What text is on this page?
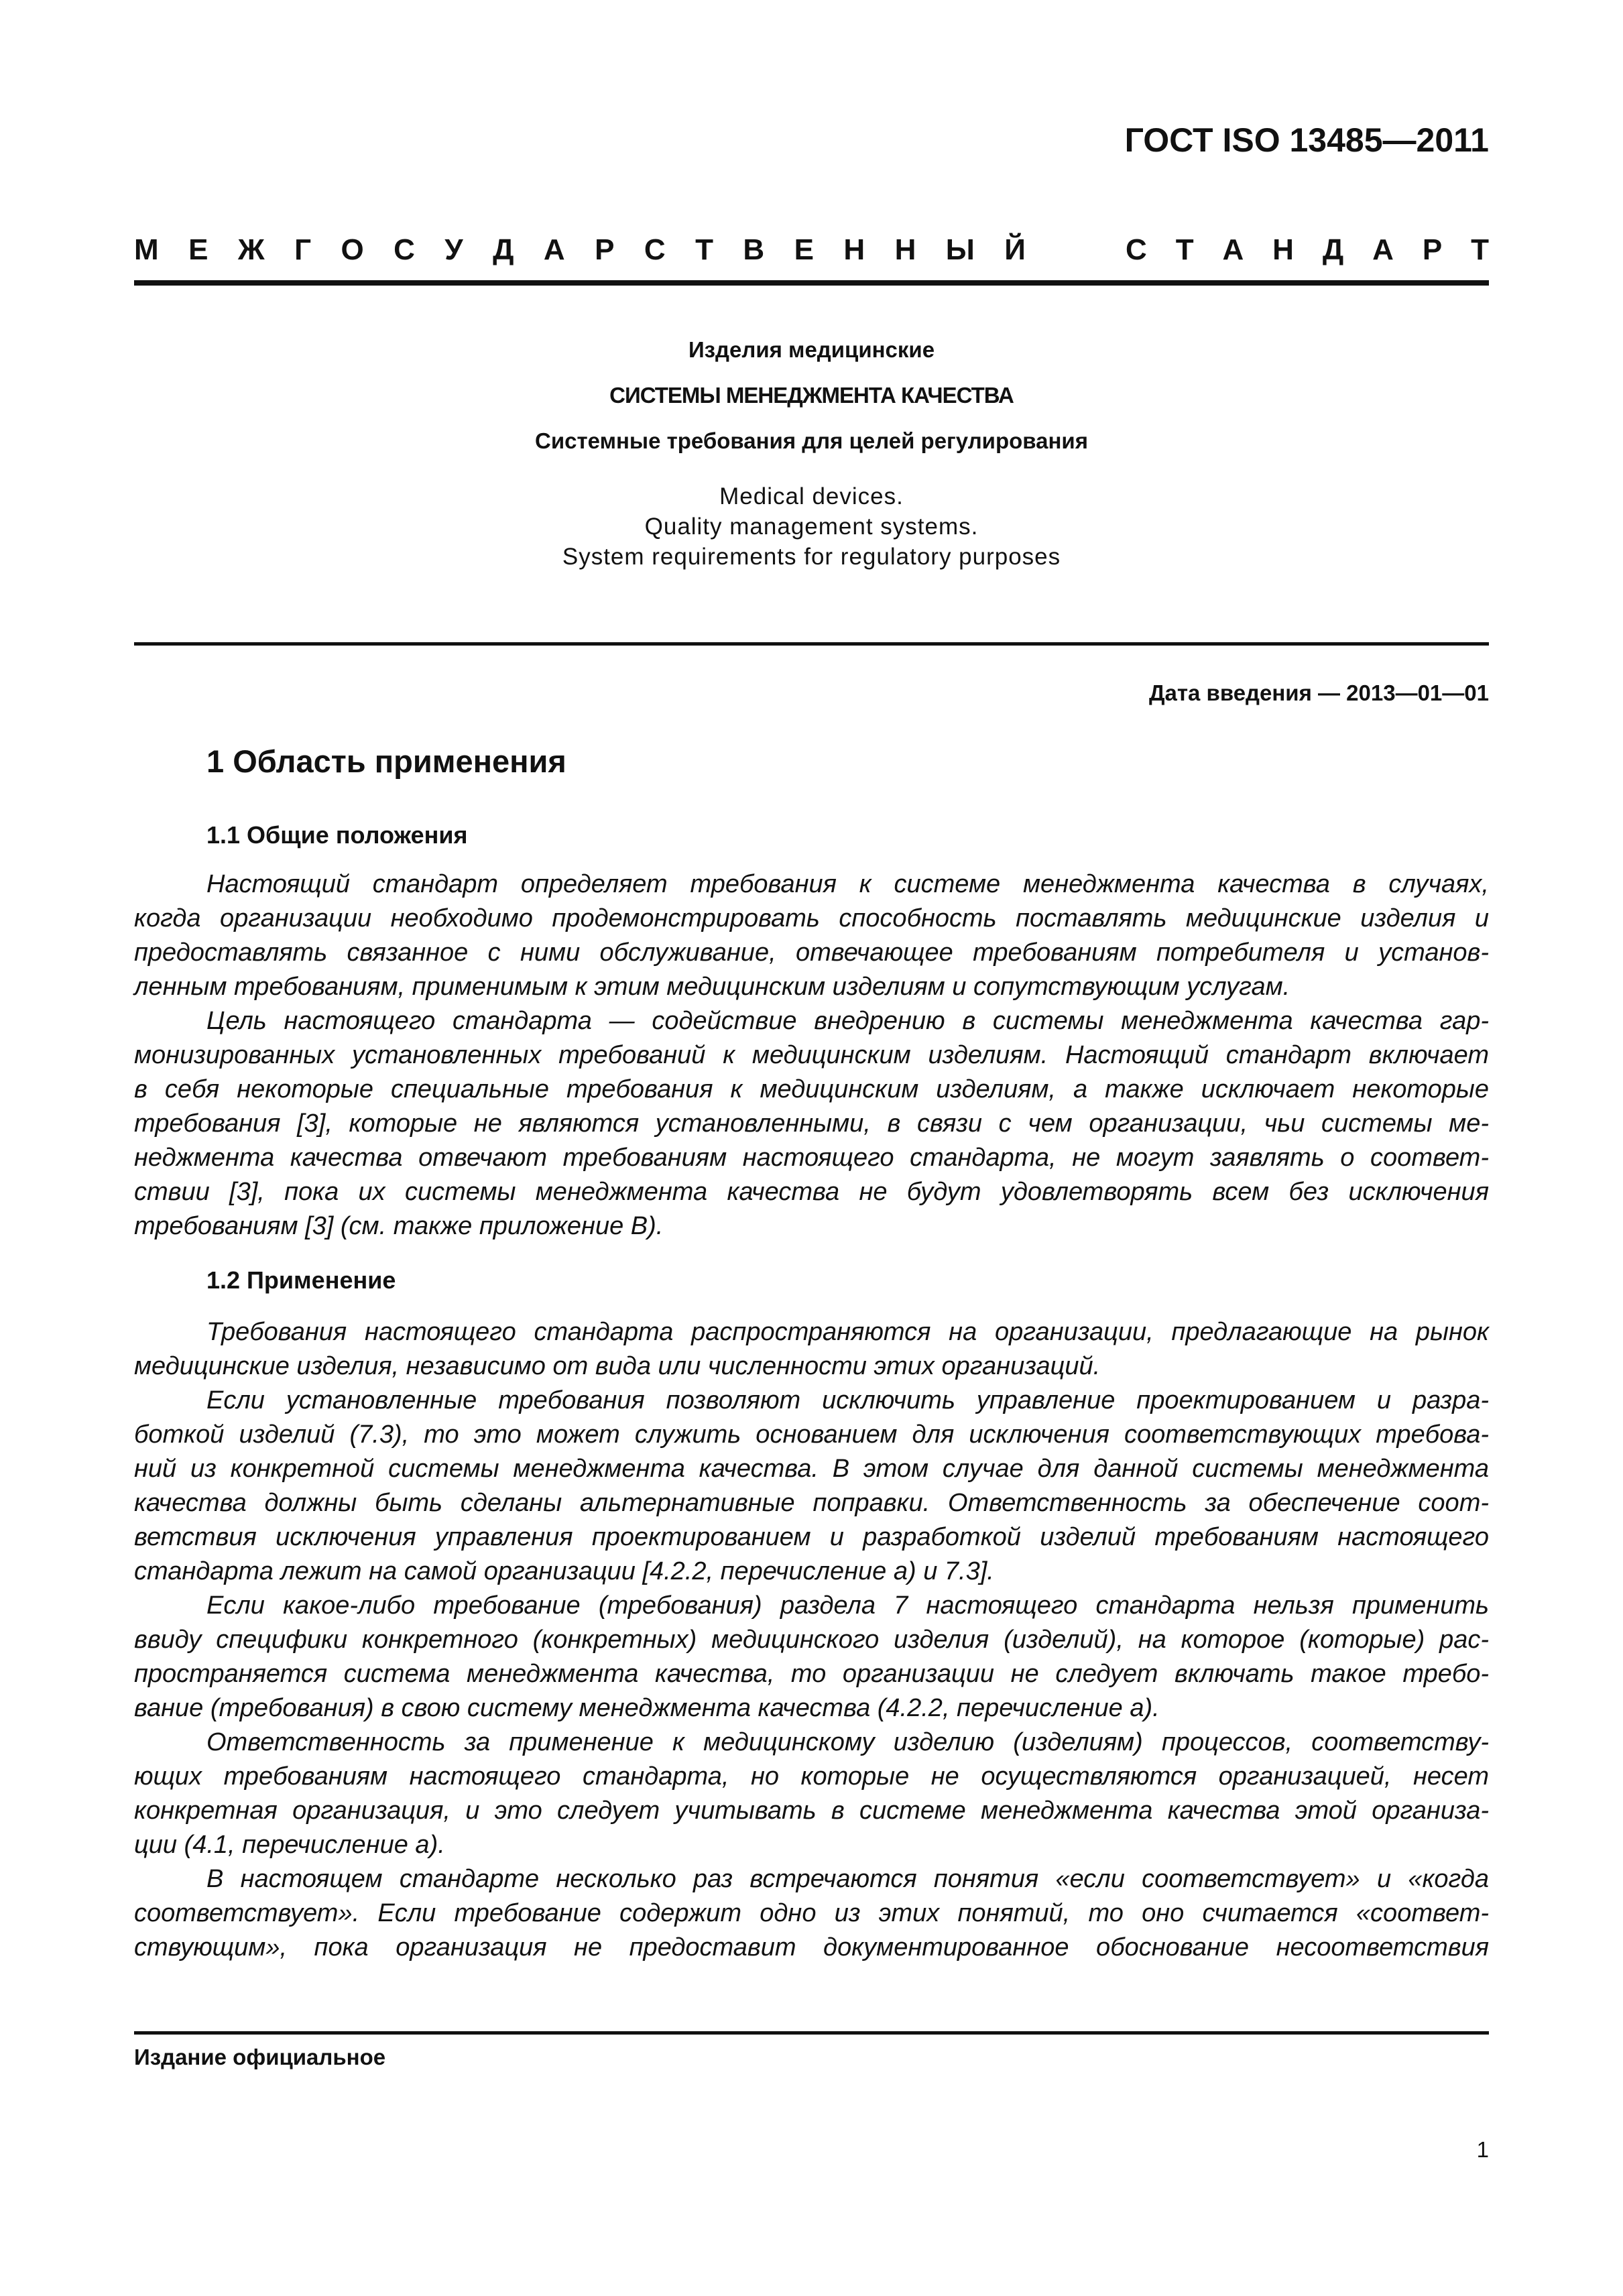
ГОСТ ISO 13485—2011
М Е Ж Г О С У Д А Р С Т В Е Н Н Ы Й	С Т А Н Д А Р Т
Изделия медицинские
СИСТЕМЫ МЕНЕДЖМЕНТА КАЧЕСТВА
Системные требования для целей регулирования
Medical devices.
Quality management systems.
System requirements for regulatory purposes
Дата введения — 2013—01—01
1 Область применения
1.1 Общие положения
Настоящий стандарт определяет требования к системе менеджмента качества в случаях,
когда организации необходимо продемонстрировать способность поставлять медицинские изделия и
предоставлять связанное с ними обслуживание, отвечающее требованиям потребителя и установ-
ленным требованиям, применимым к этим медицинским изделиям и сопутствующим услугам.
Цель настоящего стандарта — содействие внедрению в системы менеджмента качества гар-
монизированных установленных требований к медицинским изделиям. Настоящий стандарт включает
в себя некоторые специальные требования к медицинским изделиям, а также исключает некоторые
требования [3], которые не являются установленными, в связи с чем организации, чьи системы ме-
неджмента качества отвечают требованиям настоящего стандарта, не могут заявлять о соответ-
ствии [3], пока их системы менеджмента качества не будут удовлетворять всем без исключения
требованиям [3] (см. также приложение В).
1.2 Применение
Требования настоящего стандарта распространяются на организации, предлагающие на рынок
медицинские изделия, независимо от вида или численности этих организаций.
Если установленные требования позволяют исключить управление проектированием и разра-
боткой изделий (7.3), то это может служить основанием для исключения соответствующих требова-
ний из конкретной системы менеджмента качества. В этом случае для данной системы менеджмента
качества должны быть сделаны альтернативные поправки. Ответственность за обеспечение соот-
ветствия исключения управления проектированием и разработкой изделий требованиям настоящего
стандарта лежит на самой организации [4.2.2, перечисление а) и 7.3].
Если какое-либо требование (требования) раздела 7 настоящего стандарта нельзя применить
ввиду специфики конкретного (конкретных) медицинского изделия (изделий), на которое (которые) рас-
пространяется система менеджмента качества, то организации не следует включать такое требо-
вание (требования) в свою систему менеджмента качества (4.2.2, перечисление а).
Ответственность за применение к медицинскому изделию (изделиям) процессов, соответству-
ющих требованиям настоящего стандарта, но которые не осуществляются организацией, несет
конкретная организация, и это следует учитывать в системе менеджмента качества этой организа-
ции (4.1, перечисление а).
В настоящем стандарте несколько раз встречаются понятия «если соответствует» и «когда
соответствует». Если требование содержит одно из этих понятий, то оно считается «соответ-
ствующим», пока организация не предоставит документированное обоснование несоответствия
Издание официальное
1
